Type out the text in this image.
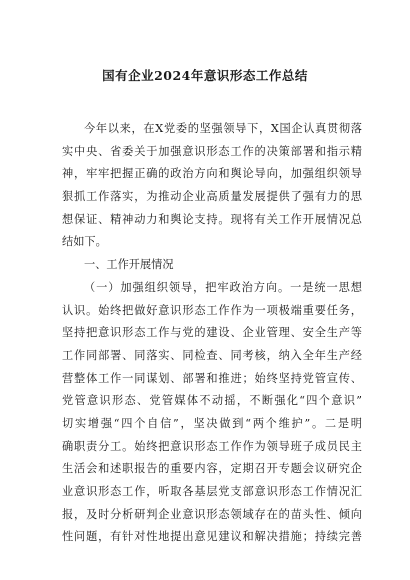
国有企业2024年意识形态工作总结
今年以来，在X党委的坚强领导下，X国企认真贯彻落
实中央、省委关于加强意识形态工作的决策部署和指示精
神，牢牢把握正确的政治方向和舆论导向，加强组织领导
狠抓工作落实，为推动企业高质量发展提供了强有力的思
想保证、精神动力和舆论支持。现将有关工作开展情况总
结如下。
一、工作开展情况
（一）加强组织领导，把牢政治方向。一是统一思想
认识。始终把做好意识形态工作作为一项极端重要任务，
坚持把意识形态工作与党的建设、企业管理、安全生产等
工作同部署、同落实、同检查、同考核，纳入全年生产经
营整体工作一同谋划、部署和推进；始终坚持党管宣传、
党管意识形态、党管媒体不动摇，不断强化“四个意识”
切实增强“四个自信”，坚决做到“两个维护”。二是明
确职责分工。始终把意识形态工作作为领导班子成员民主
生活会和述职报告的重要内容，定期召开专题会议研究企
业意识形态工作，听取各基层党支部意识形态工作情况汇
报，及时分析研判企业意识形态领域存在的苗头性、倾向
性问题，有针对性地提出意见建议和解决措施；持续完善
